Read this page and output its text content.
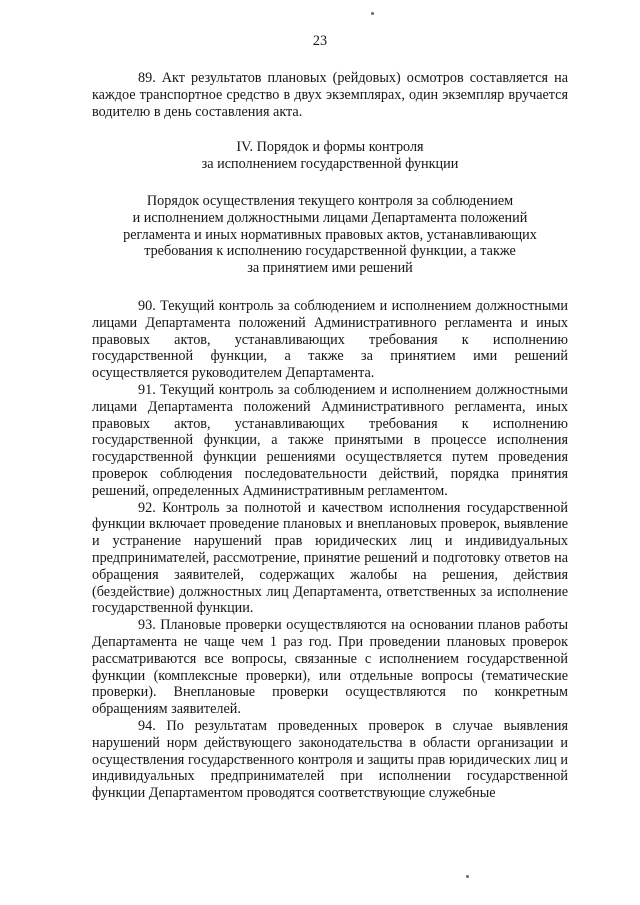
23

89. Акт результатов плановых (рейдовых) осмотров составляется на каждое транспортное средство в двух экземплярах, один экземпляр вручается водителю в день составления акта.

IV. Порядок и формы контроля
за исполнением государственной функции
Порядок осуществления текущего контроля за соблюдением
и исполнением должностными лицами Департамента положений
регламента и иных нормативных правовых актов, устанавливающих
требования к исполнению государственной функции, а также
за принятием ими решений

90. Текущий контроль за соблюдением и исполнением должностными лицами Департамента положений Административного регламента и иных правовых актов, устанавливающих требования к исполнению государственной функции, а также за принятием ими решений осуществляется руководителем Департамента.

91. Текущий контроль за соблюдением и исполнением должностными лицами Департамента положений Административного регламента, иных правовых актов, устанавливающих требования к исполнению государственной функции, а также принятыми в процессе исполнения государственной функции решениями осуществляется путем проведения проверок соблюдения последовательности действий, порядка принятия решений, определенных Административным регламентом.

92. Контроль за полнотой и качеством исполнения государственной функции включает проведение плановых и внеплановых проверок, выявление и устранение нарушений прав юридических лиц и индивидуальных предпринимателей, рассмотрение, принятие решений и подготовку ответов на обращения заявителей, содержащих жалобы на решения, действия (бездействие) должностных лиц Департамента, ответственных за исполнение государственной функции.

93. Плановые проверки осуществляются на основании планов работы Департамента не чаще чем 1 раз год. При проведении плановых проверок рассматриваются все вопросы, связанные с исполнением государственной функции (комплексные проверки), или отдельные вопросы (тематические проверки). Внеплановые проверки осуществляются по конкретным обращениям заявителей.

94. По результатам проведенных проверок в случае выявления нарушений норм действующего законодательства в области организации и осуществления государственного контроля и защиты прав юридических лиц и индивидуальных предпринимателей при исполнении государственной функции Департаментом проводятся соответствующие служебные
